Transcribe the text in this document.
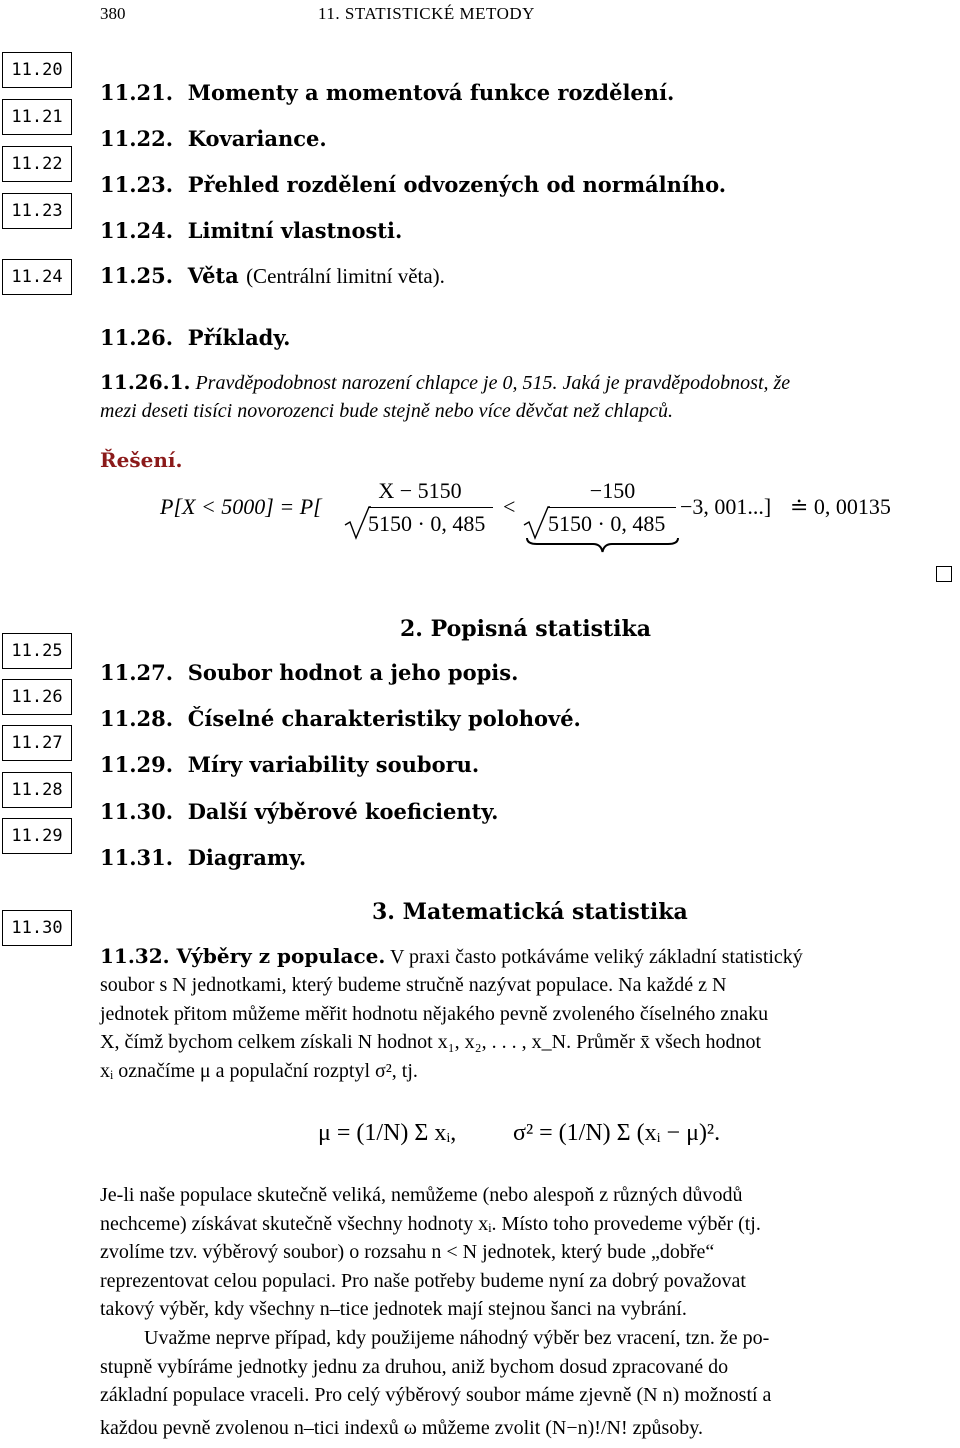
380	11. STATISTICKÉ METODY
11.20
11.21
11.22
11.23
11.24
11.21. Momenty a momentová funkce rozdělení.
11.22. Kovariance.
11.23. Přehled rozdělení odvozených od normálního.
11.24. Limitní vlastnosti.
11.25. Věta (Centrální limitní věta).
11.26. Příklady.
11.26.1. Pravděpodobnost narození chlapce je 0, 515. Jaká je pravděpodobnost, že
mezi deseti tisíci novorozenci bude stejně nebo více děvčat než chlapců.
Řešení.
P[X < 5000] = P[
X − 5150
5150 · 0, 485
<
−150
5150 · 0, 485
−3, 001...] ≐ 0, 00135
11.25
11.26
11.27
11.28
11.29
11.30
2. Popisná statistika
11.27. Soubor hodnot a jeho popis.
11.28. Číselné charakteristiky polohové.
11.29. Míry variability souboru.
11.30. Další výběrové koeficienty.
11.31. Diagramy.
3. Matematická statistika
11.32. Výběry z populace. V praxi často potkáváme veliký základní statistický
soubor s N jednotkami, který budeme stručně nazývat populace. Na každé z N
jednotek přitom můžeme měřit hodnotu nějakého pevně zvoleného číselného znaku
X, čímž bychom celkem získali N hodnot x₁, x₂, . . . , x_N. Průměr x̄ všech hodnot
xᵢ označíme μ a populační rozptyl σ², tj.
μ = (1/N) Σ xᵢ, σ² = (1/N) Σ (xᵢ − μ)².
Je-li naše populace skutečně veliká, nemůžeme (nebo alespoň z různých důvodů
nechceme) získávat skutečně všechny hodnoty xᵢ. Místo toho provedeme výběr (tj.
zvolíme tzv. výběrový soubor) o rozsahu n < N jednotek, který bude „dobře“
reprezentovat celou populaci. Pro naše potřeby budeme nyní za dobrý považovat
takový výběr, kdy všechny n–tice jednotek mají stejnou šanci na vybrání.
Uvažme neprve případ, kdy použijeme náhodný výběr bez vracení, tzn. že po-
stupně vybíráme jednotky jednu za druhou, aniž bychom dosud zpracované do
základní populace vraceli. Pro celý výběrový soubor máme zjevně (N n) možností a
každou pevně zvolenou n–tici indexů ω můžeme zvolit (N−n)!/N! způsoby.
